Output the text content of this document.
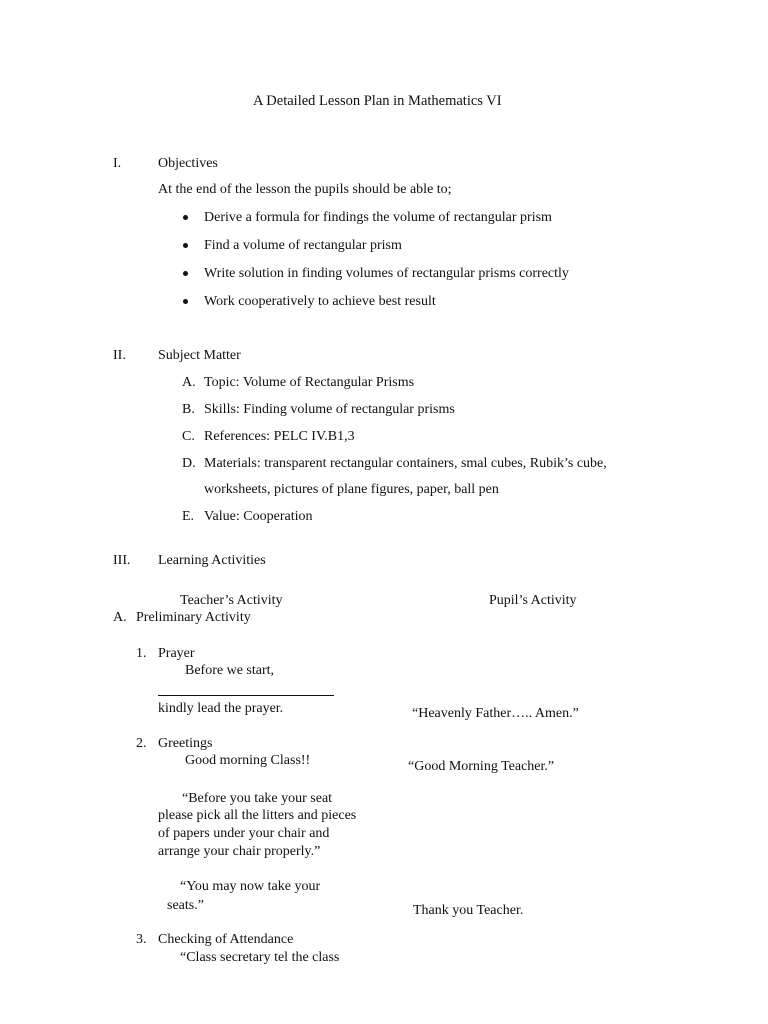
A Detailed Lesson Plan in Mathematics VI
I.	Objectives
At the end of the lesson the pupils should be able to;
Derive a formula for findings the volume of rectangular prism
Find a volume of rectangular prism
Write solution in finding volumes of rectangular prisms correctly
Work cooperatively to achieve best result
II. Subject Matter
A. Topic: Volume of Rectangular Prisms
B. Skills: Finding volume of rectangular prisms
C. References: PELC IV.B1,3
D. Materials: transparent rectangular containers, smal cubes, Rubik’s cube,
worksheets, pictures of plane figures, paper, ball pen
E. Value: Cooperation
III. Learning Activities
Teacher’s Activity	Pupil’s Activity
A. Preliminary Activity
1. Prayer
Before we start,
kindly lead the prayer.	“Heavenly Father….. Amen.”
2. Greetings
Good morning Class!!	“Good Morning Teacher.”
“Before you take your seat
please pick all the litters and pieces
of papers under your chair and
arrange your chair properly.”
“You may now take your
seats.”	Thank you Teacher.
3. Checking of Attendance
“Class secretary tel the class
